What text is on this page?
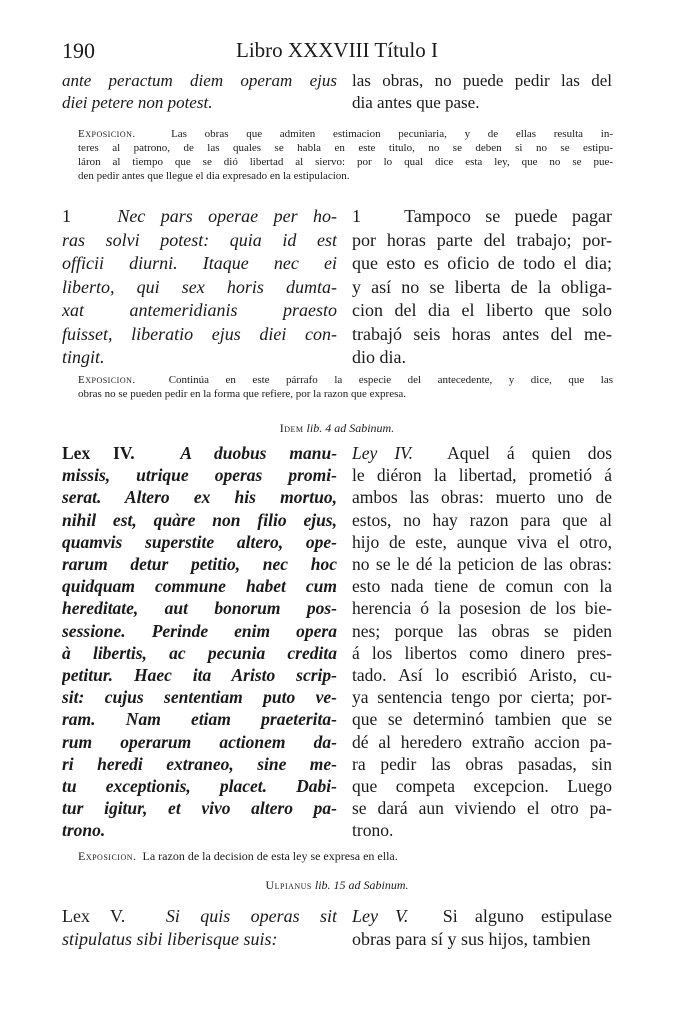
190	Libro XXXVIII Título I
ante peractum diem operam ejus
diei petere non potest.
las obras, no puede pedir las del
dia antes que pase.
Exposicion.	Las obras que admiten estimacion pecuniaria, y de ellas resulta in-
teres al patrono, de las quales se habla en este titulo, no se deben si no se estipu-
láron al tiempo que se dió libertad al siervo: por lo qual dice esta ley, que no se pue-
den pedir antes que llegue el dia expresado en la estipulacion.
1	Nec pars operae per ho-
ras solvi potest: quia id est
officii diurni. Itaque nec ei
liberto, qui sex horis dumta-
xat antemeridianis praesto
fuisset, liberatio ejus diei con-
tingit.
1 Tampoco se puede pagar
por horas parte del trabajo; por-
que esto es oficio de todo el dia;
y así no se liberta de la obliga-
cion del dia el liberto que solo
trabajó seis horas antes del me-
dio dia.
Exposicion.	Continúa en este párrafo la especie del antecedente, y dice, que las
obras no se pueden pedir en la forma que refiere, por la razon que expresa.
Idem lib. 4 ad Sabinum.
Lex IV.	A duobus manu-
missis, utrique operas promi-
serat. Altero ex his mortuo,
nihil est, quàre non filio ejus,
quamvis superstite altero, ope-
rarum detur petitio, nec hoc
quidquam commune habet cum
hereditate, aut bonorum pos-
sessione. Perinde enim opera
à libertis, ac pecunia credita
petitur. Haec ita Aristo scrip-
sit: cujus sententiam puto ve-
ram. Nam etiam praeterita-
rum operarum actionem da-
ri heredi extraneo, sine me-
tu exceptionis, placet. Dabi-
tur igitur, et vivo altero pa-
trono.
Ley IV. Aquel á quien dos
le diéron la libertad, prometió á
ambos las obras: muerto uno de
estos, no hay razon para que al
hijo de este, aunque viva el otro,
no se le dé la peticion de las obras:
esto nada tiene de comun con la
herencia ó la posesion de los bie-
nes; porque las obras se piden
á los libertos como dinero pres-
tado. Así lo escribió Aristo, cu-
ya sentencia tengo por cierta; por-
que se determinó tambien que se
dé al heredero extraño accion pa-
ra pedir las obras pasadas, sin
que competa excepcion. Luego
se dará aun viviendo el otro pa-
trono.
Exposicion. La razon de la decision de esta ley se expresa en ella.
Ulpianus lib. 15 ad Sabinum.
Lex V. Si quis operas sit
stipulatus sibi liberisque suis:
Ley V. Si alguno estipulase
obras para sí y sus hijos, tambien
